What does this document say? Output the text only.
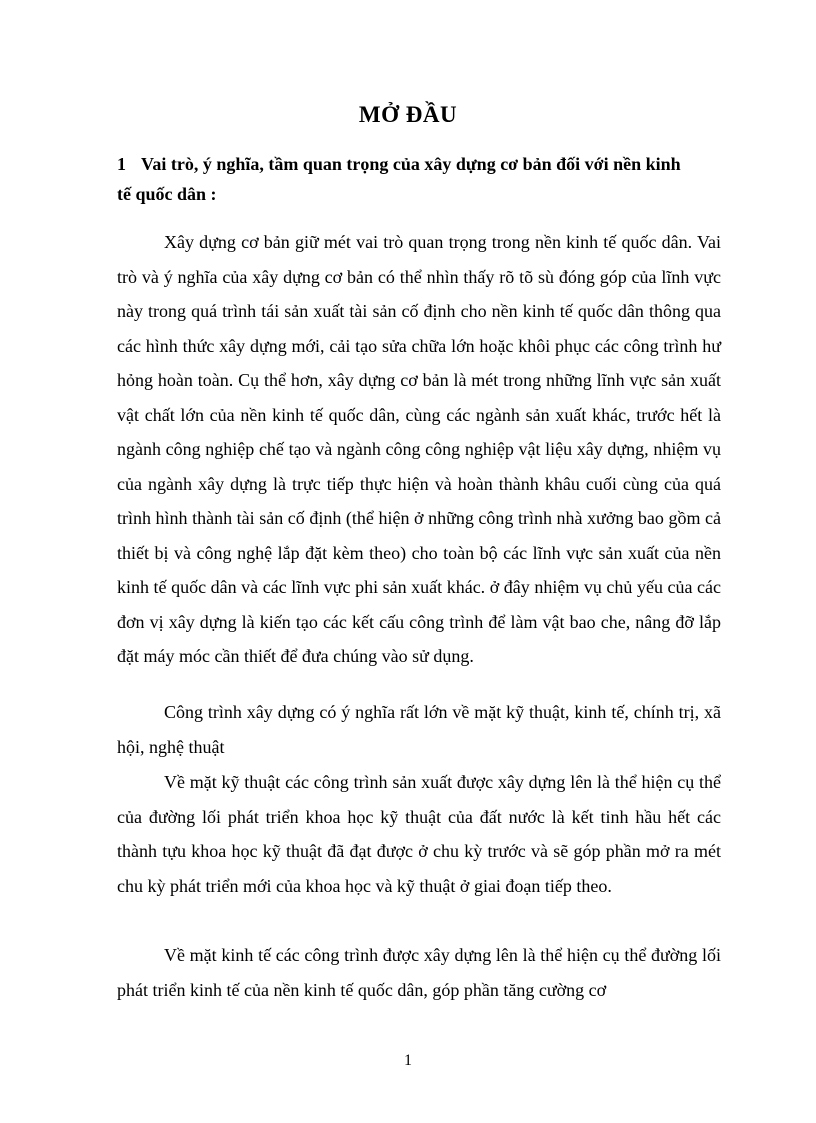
MỞ ĐẦU
1 Vai trò, ý nghĩa, tầm quan trọng của xây dựng cơ bản đối với nền kinh
tế quốc dân :

Xây dựng cơ bản giữ mét vai trò quan trọng trong nền kinh tế quốc dân. Vai trò và ý nghĩa của xây dựng cơ bản có thể nhìn thấy rõ tõ sù đóng góp của lĩnh vực này trong quá trình tái sản xuất tài sản cố định cho nền kinh tế quốc dân thông qua các hình thức xây dựng mới, cải tạo sửa chữa lớn hoặc khôi phục các công trình hư hỏng hoàn toàn. Cụ thể hơn, xây dựng cơ bản là mét trong những lĩnh vực sản xuất vật chất lớn của nền kinh tế quốc dân, cùng các ngành sản xuất khác, trước hết là ngành công nghiệp chế tạo và ngành công công nghiệp vật liệu xây dựng, nhiệm vụ của ngành xây dựng là trực tiếp thực hiện và hoàn thành khâu cuối cùng của quá trình hình thành tài sản cố định (thể hiện ở những công trình nhà xưởng bao gồm cả thiết bị và công nghệ lắp đặt kèm theo) cho toàn bộ các lĩnh vực sản xuất của nền kinh tế quốc dân và các lĩnh vực phi sản xuất khác. ở đây nhiệm vụ chủ yếu của các đơn vị xây dựng là kiến tạo các kết cấu công trình để làm vật bao che, nâng đỡ lắp đặt máy móc cần thiết để đưa chúng vào sử dụng.

Công trình xây dựng có ý nghĩa rất lớn về mặt kỹ thuật, kinh tế, chính trị, xã hội, nghệ thuật

Về mặt kỹ thuật các công trình sản xuất được xây dựng lên là thể hiện cụ thể của đường lối phát triển khoa học kỹ thuật của đất nước là kết tinh hầu hết các thành tựu khoa học kỹ thuật đã đạt được ở chu kỳ trước và sẽ góp phần mở ra mét chu kỳ phát triển mới của khoa học và kỹ thuật ở giai đoạn tiếp theo.

Về mặt kinh tế các công trình được xây dựng lên là thể hiện cụ thể đường lối phát triển kinh tế của nền kinh tế quốc dân, góp phần tăng cường cơ

1
